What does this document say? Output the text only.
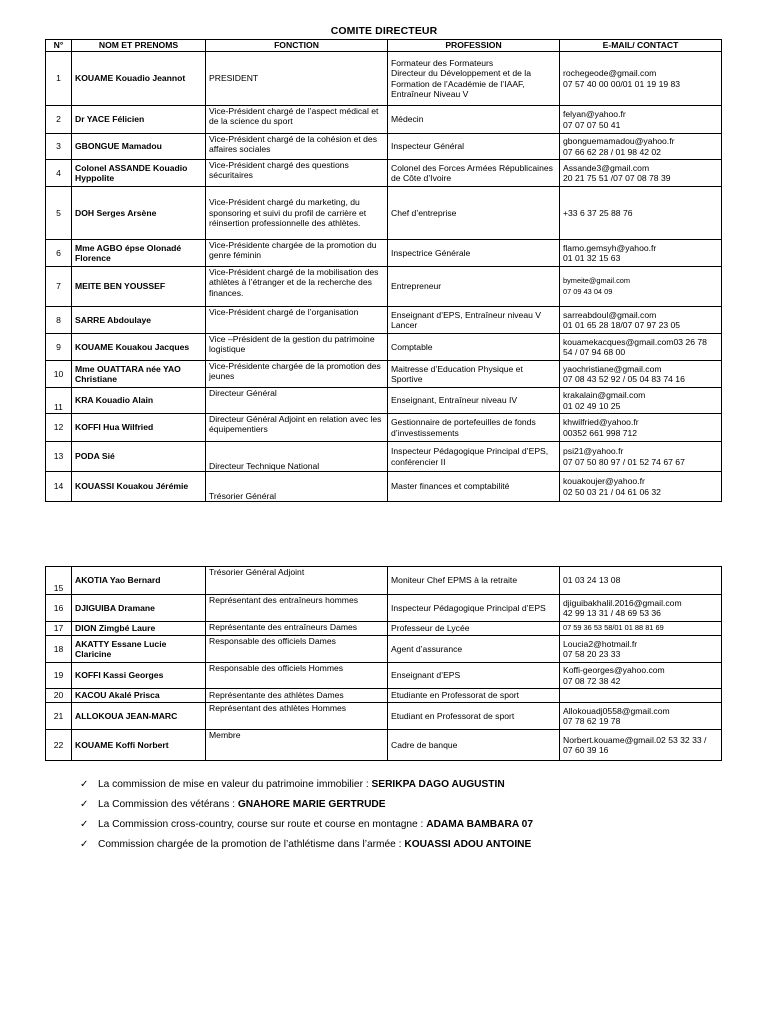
COMITE DIRECTEUR
N°	NOM ET PRENOMS	FONCTION	PROFESSION	E-MAIL/ CONTACT
1	KOUAME Kouadio Jeannot	PRESIDENT	Formateur des Formateurs
Directeur du Développement et de la Formation de l’Académie de l’IAAF, Entraîneur Niveau V	rochegeode@gmail.com
07 57 40 00 00/01 01 19 19 83
2	Dr YACE Félicien	Vice-Président chargé de l’aspect médical et de la science du sport	Médecin	felyan@yahoo.fr
07 07 07 50 41
3	GBONGUE Mamadou	Vice-Président chargé de la cohésion et des affaires sociales	Inspecteur Général	gbonguemamadou@yahoo.fr
07 66 62 28 / 01 98 42 02
4	Colonel ASSANDE Kouadio Hyppolite	Vice-Président chargé des questions sécuritaires	Colonel des Forces Armées Républicaines de Côte d’Ivoire	Assande3@gmail.com
20 21 75 51 /07 07 08 78 39
5	DOH Serges Arsène	Vice-Président chargé du marketing, du sponsoring et suivi du profil de carrière et réinsertion professionnelle des athlètes.	Chef d’entreprise	+33 6 37 25 88 76
6	Mme AGBO épse Olonadé Florence	Vice-Présidente chargée de la promotion du genre féminin	Inspectrice Générale	flamo.gemsyh@yahoo.fr
01 01 32 15 63
7	MEITE BEN YOUSSEF	Vice-Président chargé de la mobilisation des athlètes à l’étranger et de la recherche des finances.	Entrepreneur	bymeite@gmail.com
07 09 43 04 09
8	SARRE Abdoulaye	Vice-Président chargé de l’organisation	Enseignant d’EPS, Entraîneur niveau V Lancer	sarreabdoul@gmail.com
01 01 65 28 18/07 07 97 23 05
9	KOUAME Kouakou Jacques	Vice –Président de la gestion du patrimoine logistique	Comptable	kouamekacques@gmail.com03 26 78 54 / 07 94 68 00
10	Mme OUATTARA née YAO Christiane	Vice-Présidente chargée de la promotion des jeunes	Maitresse d’Education Physique et Sportive	yaochristiane@gmail.com
07 08 43 52 92 / 05 04 83 74 16
11	KRA Kouadio Alain	Directeur Général	Enseignant, Entraîneur niveau IV	krakalain@gmail.com
01 02 49 10 25
12	KOFFI Hua Wilfried	Directeur Général Adjoint en relation avec les équipementiers	Gestionnaire de portefeuilles de fonds d’investissements	khwilfried@yahoo.fr
00352 661 998 712
13	PODA Sié	Directeur Technique National	Inspecteur Pédagogique Principal d’EPS, conférencier II	psi21@yahoo.fr
07 07 50 80 97 / 01 52 74 67 67
14	KOUASSI Kouakou Jérémie	Trésorier Général	Master finances et comptabilité	kouakoujer@yahoo.fr
02 50 03 21 / 04 61 06 32
15	AKOTIA Yao Bernard	Trésorier Général Adjoint	Moniteur Chef EPMS à la retraite	01 03 24 13 08
16	DJIGUIBA Dramane	Représentant des entraîneurs hommes	Inspecteur Pédagogique Principal d’EPS	djiguibakhalil.2016@gmail.com
42 99 13 31 / 48 69 53 36
17	DION Zimgbé Laure	Représentante des entraîneurs Dames	Professeur de Lycée	07 59 36 53 58/01 01 88 81 69
18	AKATTY Essane Lucie Claricine	Responsable des officiels Dames	Agent d’assurance	Loucia2@hotmail.fr
07 58 20 23 33
19	KOFFI Kassi Georges	Responsable des officiels Hommes	Enseignant d’EPS	Koffi-georges@yahoo.com
07 08 72 38 42
20	KACOU Akalé Prisca	Représentante des athlètes Dames	Etudiante en Professorat de sport	
21	ALLOKOUA JEAN-MARC	Représentant des athlètes Hommes	Etudiant en Professorat de sport	Allokouadj0558@gmail.com
07 78 62 19 78
22	KOUAME Koffi Norbert	Membre	Cadre de banque	Norbert.kouame@gmail.02 53 32 33 / 07 60 39 16
✓ La commission de mise en valeur du patrimoine immobilier : SERIKPA DAGO AUGUSTIN
✓ La Commission des vétérans : GNAHORE MARIE GERTRUDE
✓ La Commission cross-country, course sur route et course en montagne : ADAMA BAMBARA 07
✓ Commission chargée de la promotion de l’athlétisme dans l’armée : KOUASSI ADOU ANTOINE
